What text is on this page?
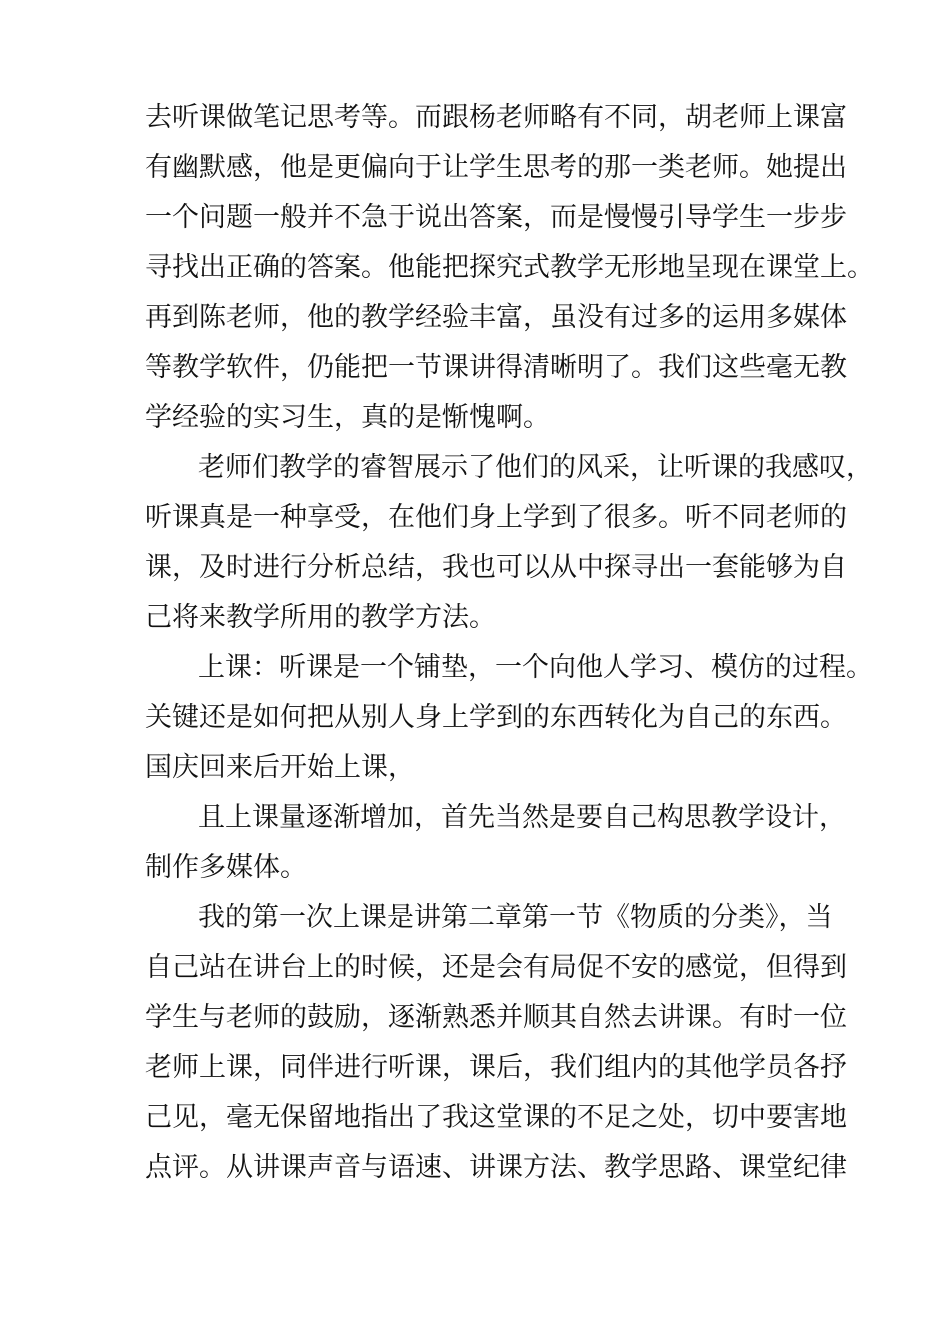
去听课做笔记思考等。而跟杨老师略有不同，胡老师上课富
有幽默感，他是更偏向于让学生思考的那一类老师。她提出
一个问题一般并不急于说出答案，而是慢慢引导学生一步步
寻找出正确的答案。他能把探究式教学无形地呈现在课堂上。
再到陈老师，他的教学经验丰富，虽没有过多的运用多媒体
等教学软件，仍能把一节课讲得清晰明了。我们这些毫无教
学经验的实习生，真的是惭愧啊。
老师们教学的睿智展示了他们的风采，让听课的我感叹，
听课真是一种享受，在他们身上学到了很多。听不同老师的
课，及时进行分析总结，我也可以从中探寻出一套能够为自
己将来教学所用的教学方法。
上课：听课是一个铺垫，一个向他人学习、模仿的过程。
关键还是如何把从别人身上学到的东西转化为自己的东西。
国庆回来后开始上课，
且上课量逐渐增加，首先当然是要自己构思教学设计，
制作多媒体。
我的第一次上课是讲第二章第一节《物质的分类》，当
自己站在讲台上的时候，还是会有局促不安的感觉，但得到
学生与老师的鼓励，逐渐熟悉并顺其自然去讲课。有时一位
老师上课，同伴进行听课，课后，我们组内的其他学员各抒
己见，毫无保留地指出了我这堂课的不足之处，切中要害地
点评。从讲课声音与语速、讲课方法、教学思路、课堂纪律
